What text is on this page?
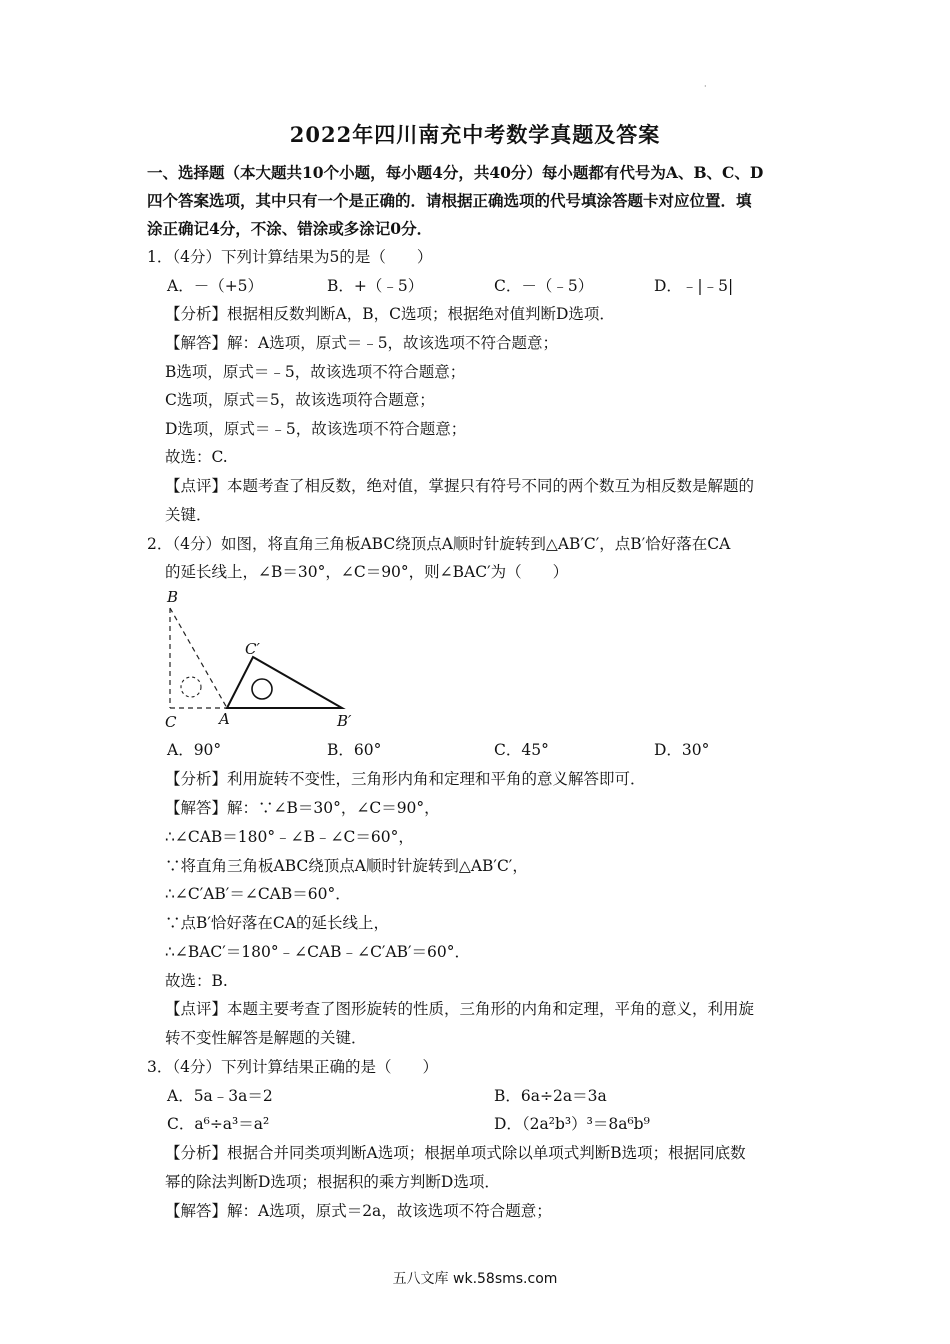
·
2022年四川南充中考数学真题及答案
一、选择题（本大题共10个小题，每小题4分，共40分）每小题都有代号为A、B、C、D
四个答案选项，其中只有一个是正确的．请根据正确选项的代号填涂答题卡对应位置．填
涂正确记4分，不涂、错涂或多涂记0分．
1．（4分）下列计算结果为5的是（　　）
A．－（+5）	B．+（﹣5）	C．－（﹣5）	D．﹣|﹣5|
【分析】根据相反数判断A，B，C选项；根据绝对值判断D选项．
【解答】解：A选项，原式＝﹣5，故该选项不符合题意；
B选项，原式＝﹣5，故该选项不符合题意；
C选项，原式＝5，故该选项符合题意；
D选项，原式＝﹣5，故该选项不符合题意；
故选：C.
【点评】本题考查了相反数，绝对值，掌握只有符号不同的两个数互为相反数是解题的
关键．
2．（4分）如图，将直角三角板ABC绕顶点A顺时针旋转到△AB′C′，点B′恰好落在CA
的延长线上，∠B＝30°，∠C＝90°，则∠BAC′为（　　）
B
C	A
C′
B′
A．90°	B．60°	C．45°	D．30°
【分析】利用旋转不变性，三角形内角和定理和平角的意义解答即可．
【解答】解：∵∠B＝30°，∠C＝90°，
∴∠CAB＝180°﹣∠B﹣∠C＝60°，
∵将直角三角板ABC绕顶点A顺时针旋转到△AB′C′，
∴∠C′AB′＝∠CAB＝60°．
∵点B′恰好落在CA的延长线上，
∴∠BAC′＝180°﹣∠CAB﹣∠C′AB′＝60°．
故选：B.
【点评】本题主要考查了图形旋转的性质，三角形的内角和定理，平角的意义，利用旋
转不变性解答是解题的关键．
3．（4分）下列计算结果正确的是（　　）
A．5a﹣3a＝2	B．6a÷2a＝3a
C．a⁶÷a³＝a²	D．（2a²b³）³＝8a⁶b⁹
【分析】根据合并同类项判断A选项；根据单项式除以单项式判断B选项；根据同底数
幂的除法判断D选项；根据积的乘方判断D选项．
【解答】解：A选项，原式＝2a，故该选项不符合题意；
五八文库 wk.58sms.com
